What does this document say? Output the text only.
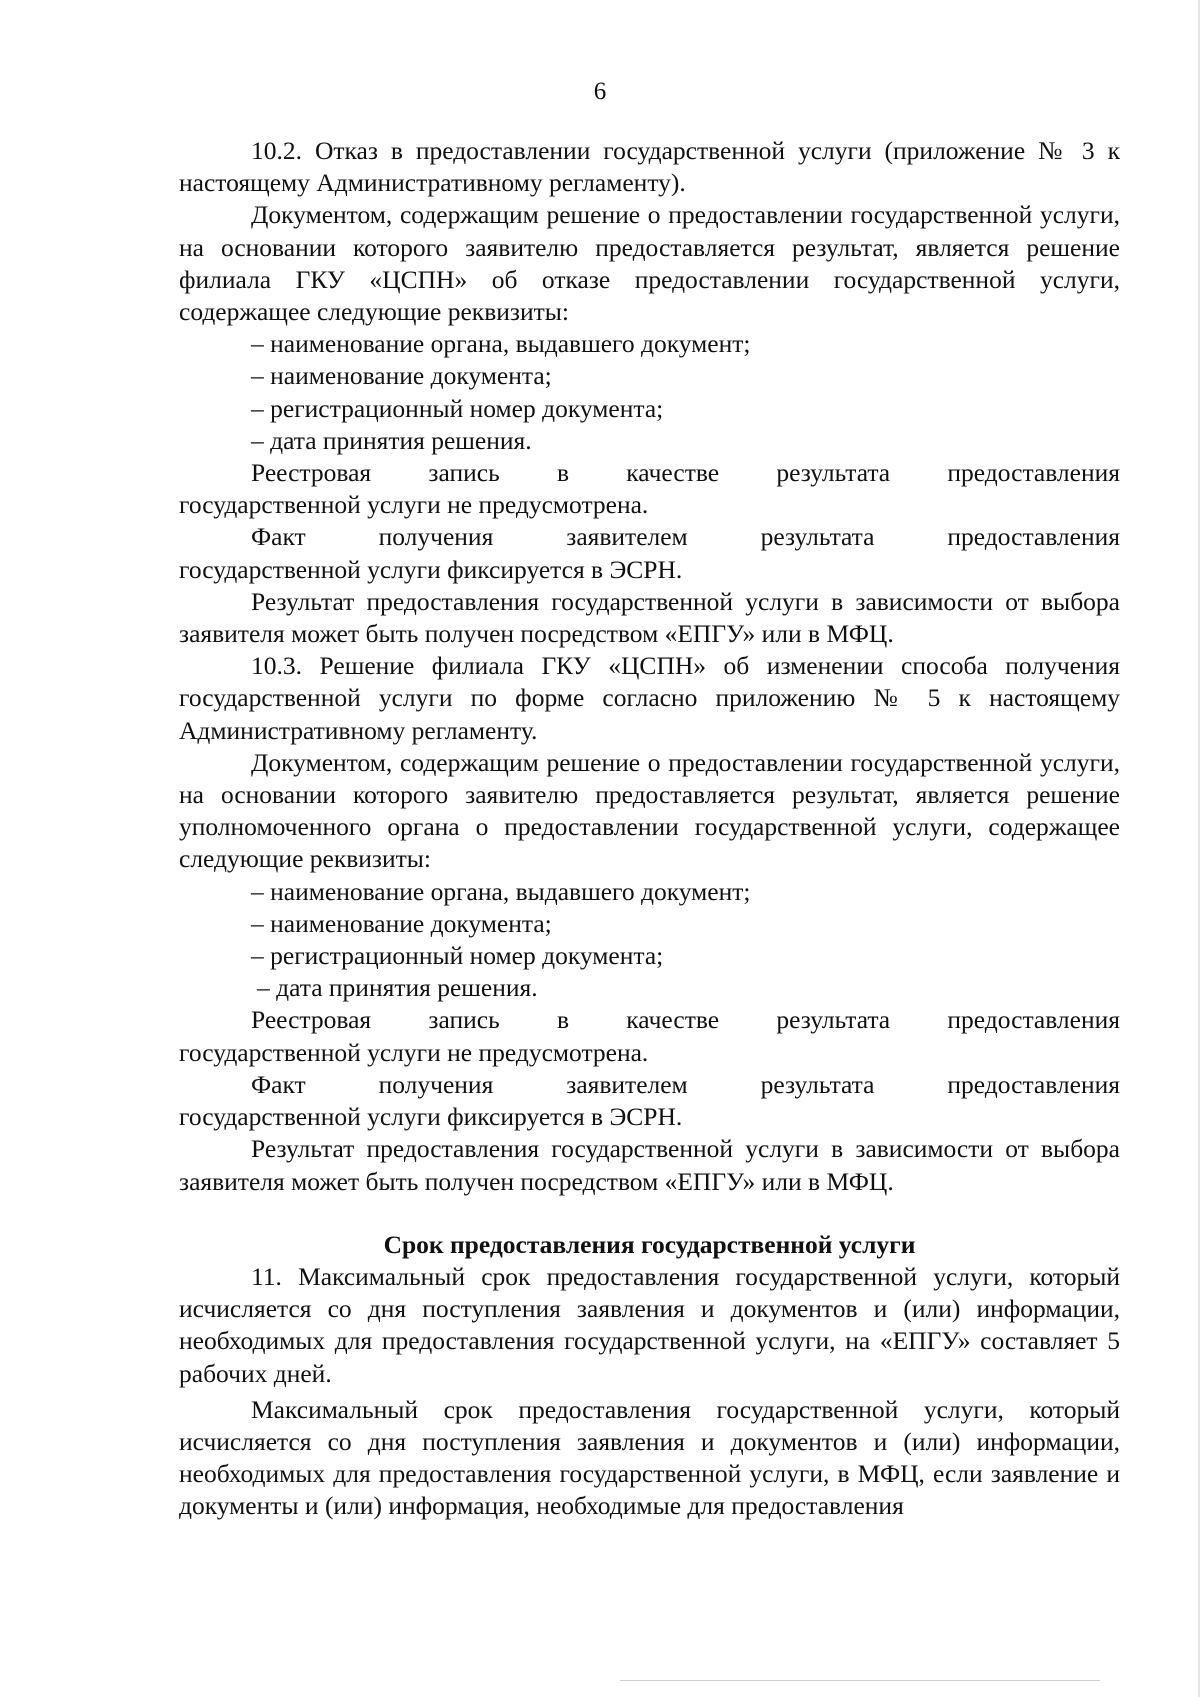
6

10.2. Отказ в предоставлении государственной услуги (приложение № 3 к настоящему Административному регламенту).

Документом, содержащим решение о предоставлении государственной услуги, на основании которого заявителю предоставляется результат, является решение филиала ГКУ «ЦСПН» об отказе предоставлении государственной услуги, содержащее следующие реквизиты:

– наименование органа, выдавшего документ;

– наименование документа;

– регистрационный номер документа;

– дата принятия решения.

Реестровая запись в качестве результата предоставления

государственной услуги не предусмотрена.

Факт получения заявителем результата предоставления

государственной услуги фиксируется в ЭСРН.

Результат предоставления государственной услуги в зависимости от выбора заявителя может быть получен посредством «ЕПГУ» или в МФЦ.

10.3. Решение филиала ГКУ «ЦСПН» об изменении способа получения государственной услуги по форме согласно приложению № 5 к настоящему Административному регламенту.

Документом, содержащим решение о предоставлении государственной услуги, на основании которого заявителю предоставляется результат, является решение уполномоченного органа о предоставлении государственной услуги, содержащее следующие реквизиты:

– наименование органа, выдавшего документ;

– наименование документа;

– регистрационный номер документа;

– дата принятия решения.

Реестровая запись в качестве результата предоставления

государственной услуги не предусмотрена.

Факт получения заявителем результата предоставления

государственной услуги фиксируется в ЭСРН.

Результат предоставления государственной услуги в зависимости от выбора заявителя может быть получен посредством «ЕПГУ» или в МФЦ.

Срок предоставления государственной услуги

11. Максимальный срок предоставления государственной услуги, который исчисляется со дня поступления заявления и документов и (или) информации, необходимых для предоставления государственной услуги, на «ЕПГУ» составляет 5 рабочих дней.

Максимальный срок предоставления государственной услуги, который исчисляется со дня поступления заявления и документов и (или) информации, необходимых для предоставления государственной услуги, в МФЦ, если заявление и документы и (или) информация, необходимые для предоставления
